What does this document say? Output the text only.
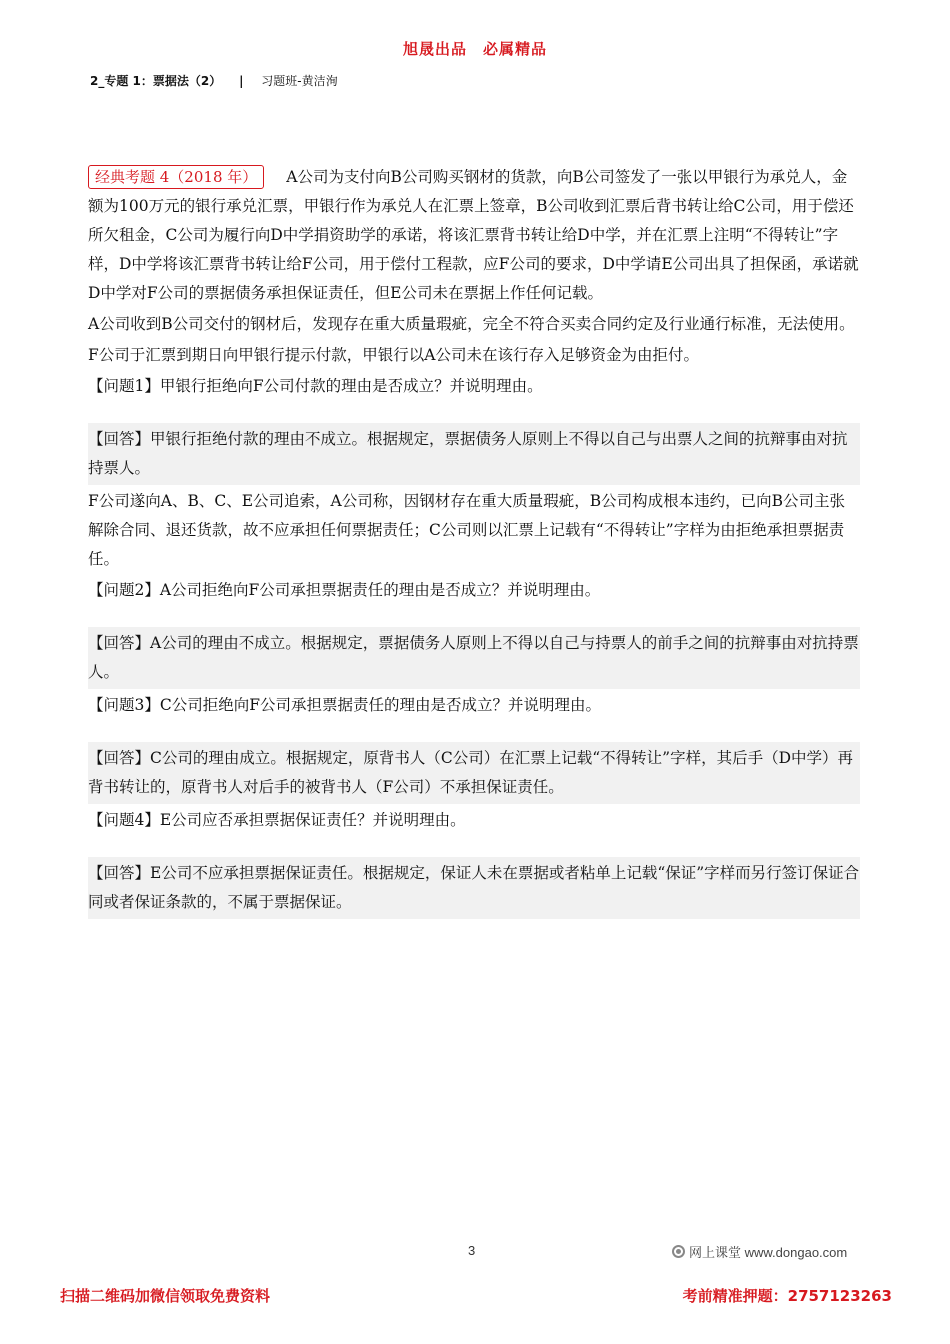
旭晟出品　必属精品
2_专题 1：票据法（2） | 习题班-黄洁洵

经典考题 4（2018 年） A公司为支付向B公司购买钢材的货款，向B公司签发了一张以甲银行为承兑人，金额为100万元的银行承兑汇票，甲银行作为承兑人在汇票上签章，B公司收到汇票后背书转让给C公司，用于偿还所欠租金，C公司为履行向D中学捐资助学的承诺，将该汇票背书转让给D中学，并在汇票上注明“不得转让”字样，D中学将该汇票背书转让给F公司，用于偿付工程款，应F公司的要求，D中学请E公司出具了担保函，承诺就D中学对F公司的票据债务承担保证责任，但E公司未在票据上作任何记载。

A公司收到B公司交付的钢材后，发现存在重大质量瑕疵，完全不符合买卖合同约定及行业通行标准，无法使用。

F公司于汇票到期日向甲银行提示付款，甲银行以A公司未在该行存入足够资金为由拒付。

【问题1】甲银行拒绝向F公司付款的理由是否成立？并说明理由。

【回答】甲银行拒绝付款的理由不成立。根据规定，票据债务人原则上不得以自己与出票人之间的抗辩事由对抗持票人。

F公司遂向A、B、C、E公司追索，A公司称，因钢材存在重大质量瑕疵，B公司构成根本违约，已向B公司主张解除合同、退还货款，故不应承担任何票据责任；C公司则以汇票上记载有“不得转让”字样为由拒绝承担票据责任。

【问题2】A公司拒绝向F公司承担票据责任的理由是否成立？并说明理由。

【回答】A公司的理由不成立。根据规定，票据债务人原则上不得以自己与持票人的前手之间的抗辩事由对抗持票人。

【问题3】C公司拒绝向F公司承担票据责任的理由是否成立？并说明理由。

【回答】C公司的理由成立。根据规定，原背书人（C公司）在汇票上记载“不得转让”字样，其后手（D中学）再背书转让的，原背书人对后手的被背书人（F公司）不承担保证责任。

【问题4】E公司应否承担票据保证责任？并说明理由。

【回答】E公司不应承担票据保证责任。根据规定，保证人未在票据或者粘单上记载“保证”字样而另行签订保证合同或者保证条款的，不属于票据保证。

3	网上课堂 www.dongao.com
扫描二维码加微信领取免费资料	考前精准押题：2757123263
